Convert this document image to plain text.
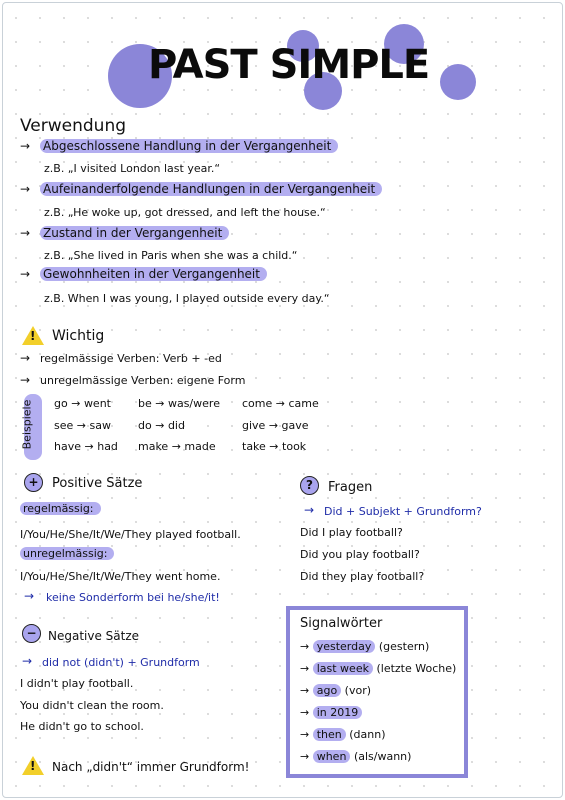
PAST SIMPLE
Verwendung
→ Abgeschlossene Handlung in der Vergangenheit
z.B. „I visited London last year.“
→ Aufeinanderfolgende Handlungen in der Vergangenheit
z.B. „He woke up, got dressed, and left the house.“
→ Zustand in der Vergangenheit
z.B. „She lived in Paris when she was a child.“
→ Gewohnheiten in der Vergangenheit
z.B. When I was young, I played outside every day.“
! Wichtig
→ regelmässige Verben: Verb + -ed
→ unregelmässige Verben: eigene Form
Beispiele go → went be → was/were come → came
see → saw do → did	give → gave
have → had make → made take → took
+	Positive Sätze
regelmässig:
I/You/He/She/It/We/They played football.
unregelmässig:
I/You/He/She/It/We/They went home.
→ keine Sonderform bei he/she/it!
?	Fragen
→ Did + Subjekt + Grundform?
Did I play football?
Did you play football?
Did they play football?
− Negative Sätze
→ did not (didn't) + Grundform
I didn't play football.
You didn't clean the room.
He didn't go to school.
! Nach „didn't“ immer Grundform!
Signalwörter
→ yesterday (gestern)
→ last week (letzte Woche)
→ ago (vor)
→ in 2019
→ then (dann)
→ when (als/wann)
